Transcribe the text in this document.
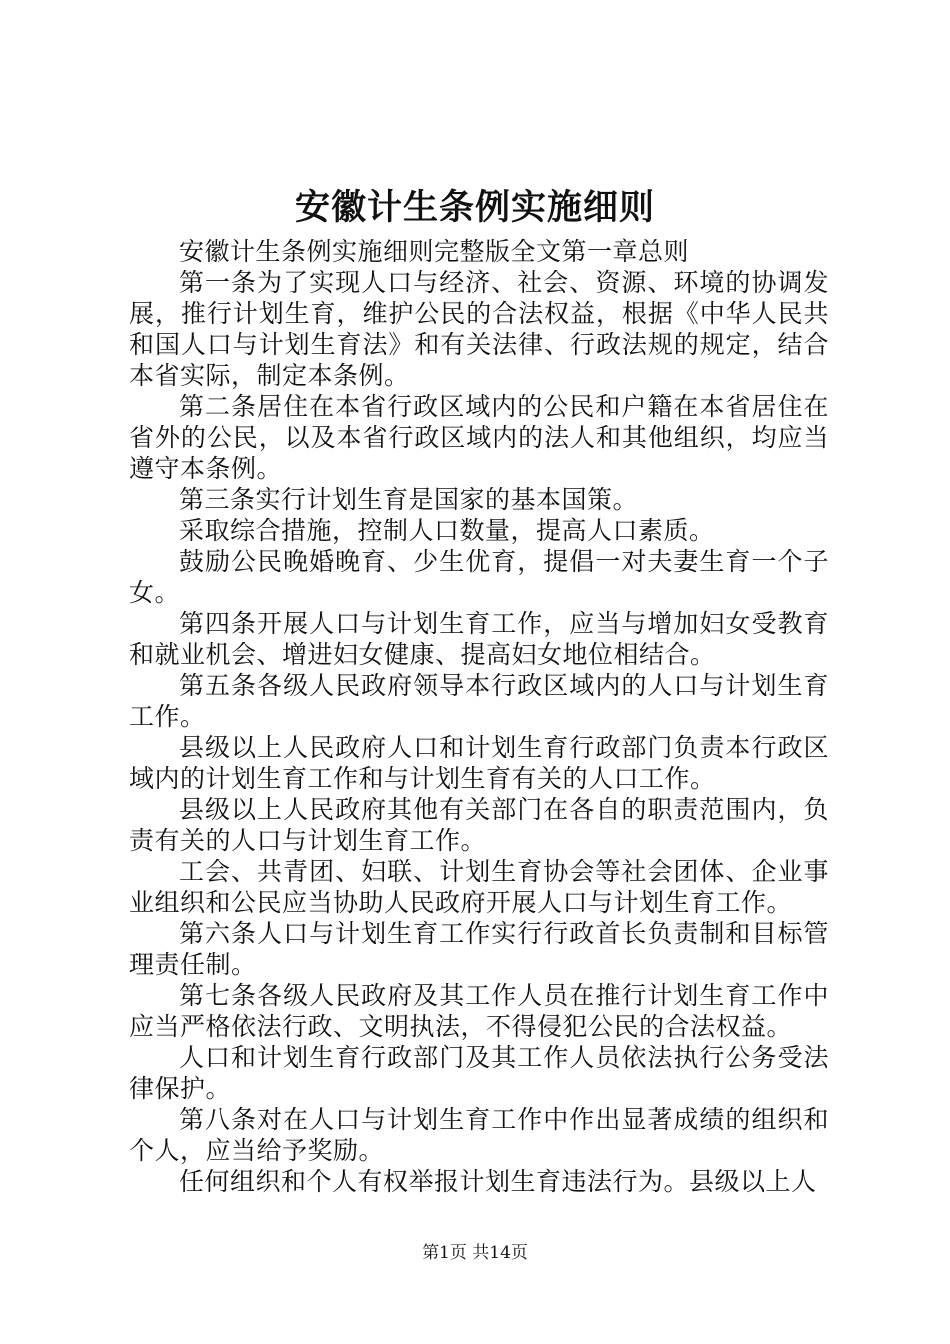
安徽计生条例实施细则

安徽计生条例实施细则完整版全文第一章总则

第一条为了实现人口与经济、社会、资源、环境的协调发展，推行计划生育，维护公民的合法权益，根据《中华人民共和国人口与计划生育法》和有关法律、行政法规的规定，结合本省实际，制定本条例。

第二条居住在本省行政区域内的公民和户籍在本省居住在省外的公民，以及本省行政区域内的法人和其他组织，均应当遵守本条例。

第三条实行计划生育是国家的基本国策。

采取综合措施，控制人口数量，提高人口素质。

鼓励公民晚婚晚育、少生优育，提倡一对夫妻生育一个子女。

第四条开展人口与计划生育工作，应当与增加妇女受教育和就业机会、增进妇女健康、提高妇女地位相结合。

第五条各级人民政府领导本行政区域内的人口与计划生育工作。

县级以上人民政府人口和计划生育行政部门负责本行政区域内的计划生育工作和与计划生育有关的人口工作。

县级以上人民政府其他有关部门在各自的职责范围内，负责有关的人口与计划生育工作。

工会、共青团、妇联、计划生育协会等社会团体、企业事业组织和公民应当协助人民政府开展人口与计划生育工作。

第六条人口与计划生育工作实行行政首长负责制和目标管理责任制。

第七条各级人民政府及其工作人员在推行计划生育工作中应当严格依法行政、文明执法，不得侵犯公民的合法权益。

人口和计划生育行政部门及其工作人员依法执行公务受法律保护。

第八条对在人口与计划生育工作中作出显著成绩的组织和个人，应当给予奖励。

任何组织和个人有权举报计划生育违法行为。县级以上人

第1页 共14页
